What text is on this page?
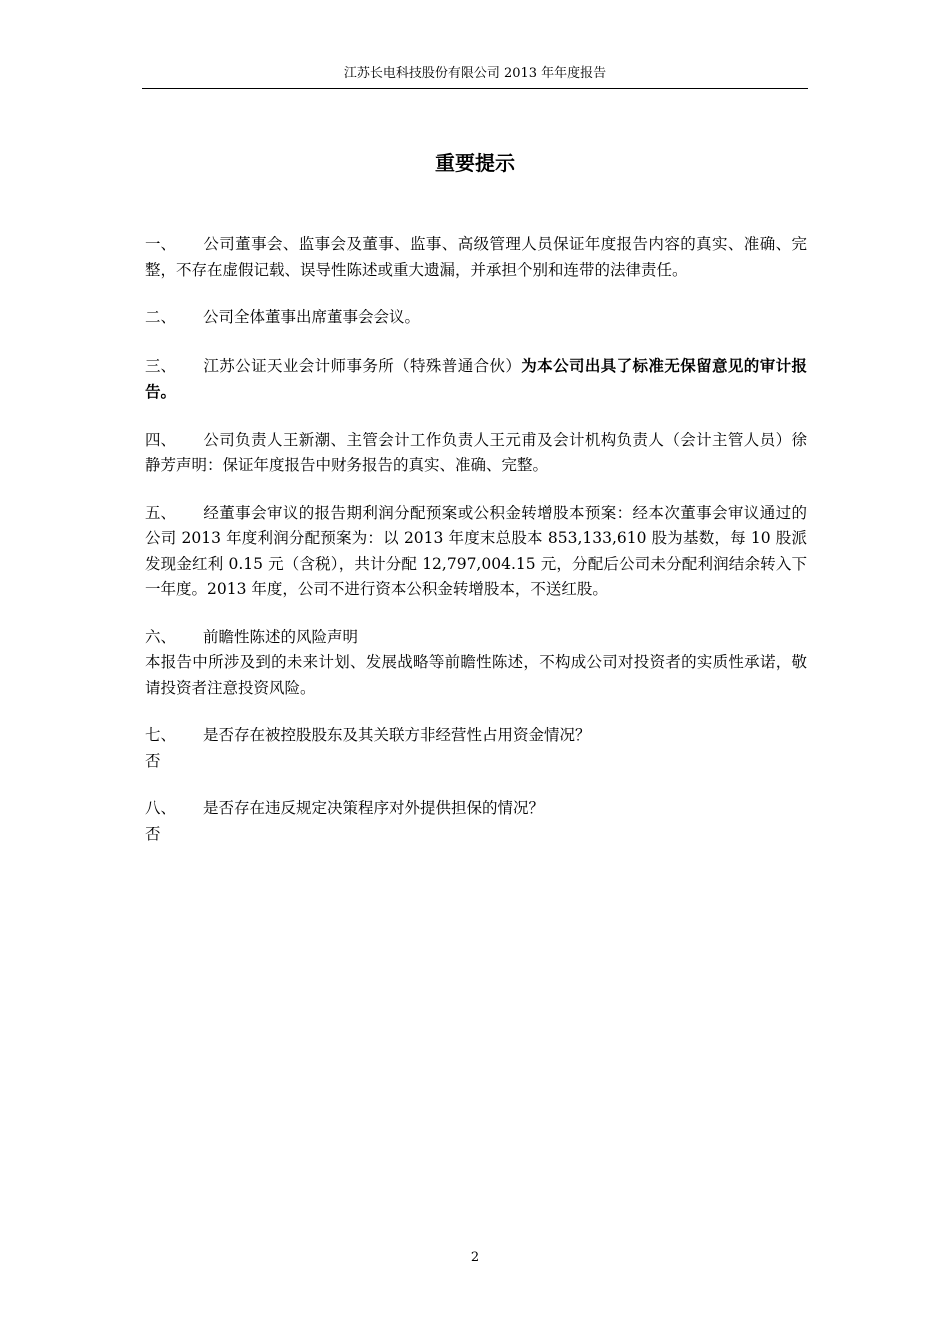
江苏长电科技股份有限公司 2013 年年度报告
重要提示

一、 公司董事会、监事会及董事、监事、高级管理人员保证年度报告内容的真实、准确、完整，不存在虚假记载、误导性陈述或重大遗漏，并承担个别和连带的法律责任。

二、 公司全体董事出席董事会会议。

三、 江苏公证天业会计师事务所（特殊普通合伙）为本公司出具了标准无保留意见的审计报告。

四、 公司负责人王新潮、主管会计工作负责人王元甫及会计机构负责人（会计主管人员）徐静芳声明：保证年度报告中财务报告的真实、准确、完整。

五、 经董事会审议的报告期利润分配预案或公积金转增股本预案：经本次董事会审议通过的公司 2013 年度利润分配预案为：以 2013 年度末总股本 853,133,610 股为基数，每 10 股派发现金红利 0.15 元（含税），共计分配 12,797,004.15 元，分配后公司未分配利润结余转入下一年度。2013 年度，公司不进行资本公积金转增股本，不送红股。

六、 前瞻性陈述的风险声明
本报告中所涉及到的未来计划、发展战略等前瞻性陈述，不构成公司对投资者的实质性承诺，敬请投资者注意投资风险。

七、 是否存在被控股股东及其关联方非经营性占用资金情况？
否

八、 是否存在违反规定决策程序对外提供担保的情况？
否

2
